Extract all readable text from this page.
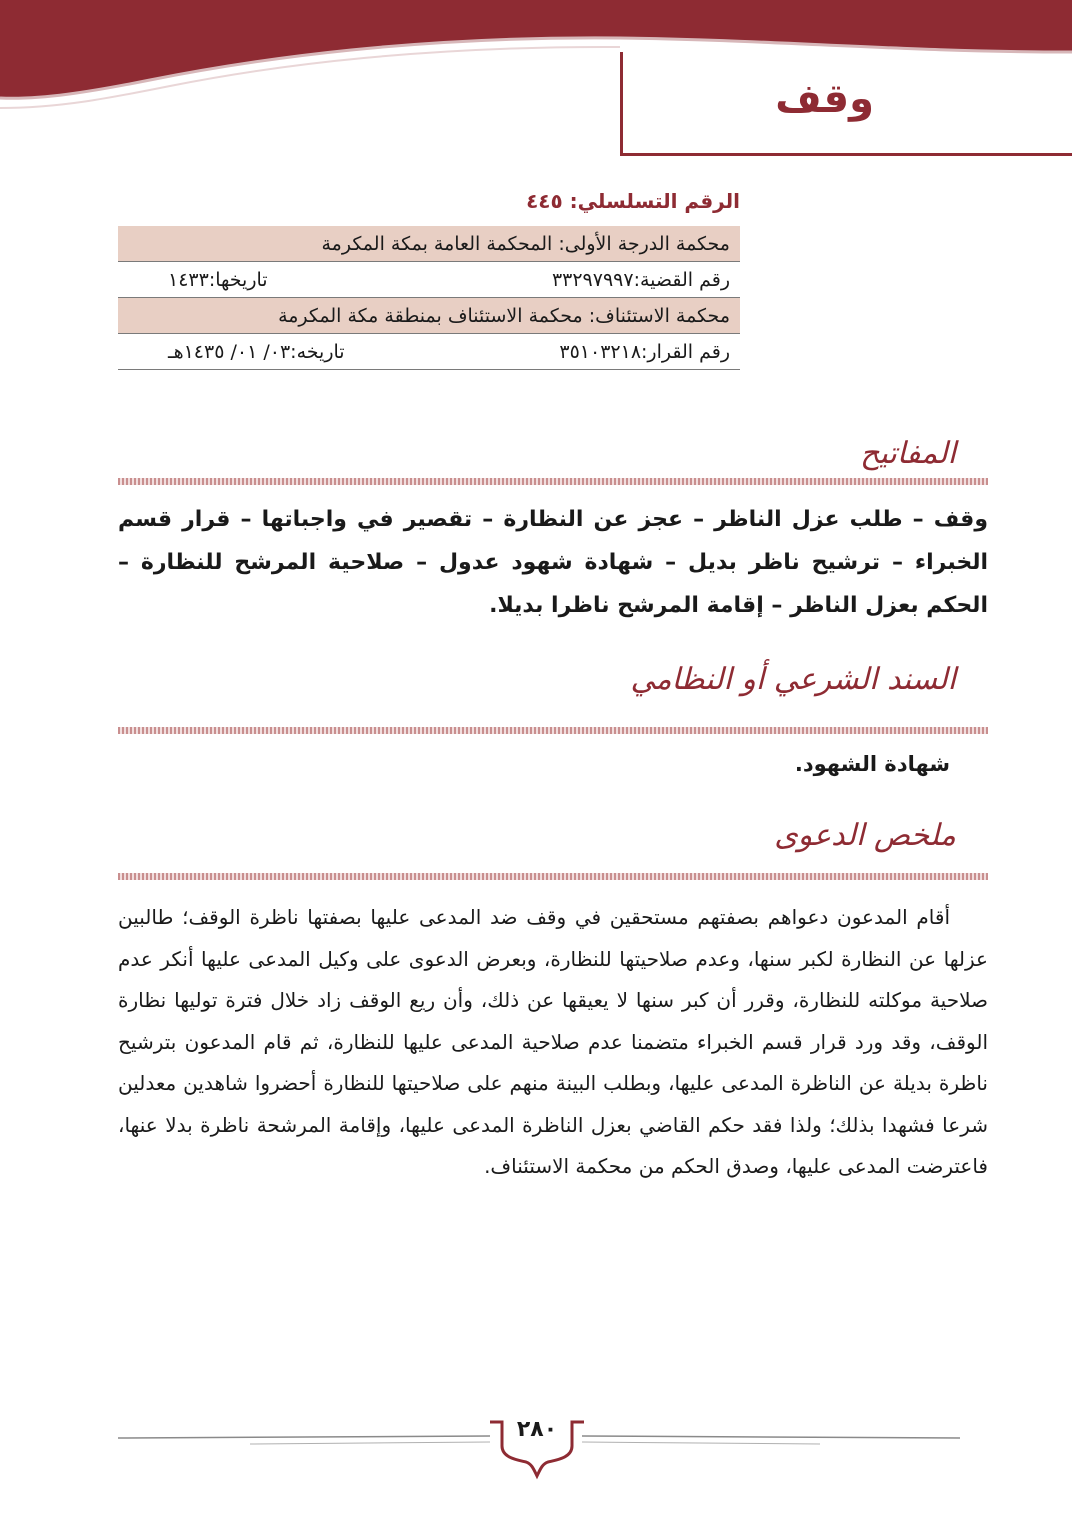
وقف
الرقم التسلسلي: ٤٤٥
محكمة الدرجة الأولى: المحكمة العامة بمكة المكرمة

رقم القضية:٣٣٢٩٧٩٩٧
تاريخها:١٤٣٣

محكمة الاستئناف: محكمة الاستئناف بمنطقة مكة المكرمة

رقم القرار:٣٥١٠٣٢١٨
تاريخه:٠٣/ ٠١/ ١٤٣٥هـ
المفاتيح

وقف – طلب عزل الناظر – عجز عن النظارة – تقصير في واجباتها – قرار قسم الخبراء – ترشيح ناظر بديل – شهادة شهود عدول – صلاحية المرشح للنظارة – الحكم بعزل الناظر – إقامة المرشح ناظرا بديلا.

السند الشرعي أو النظامي

شهادة الشهود.

ملخص الدعوى

أقام المدعون دعواهم بصفتهم مستحقين في وقف ضد المدعى عليها بصفتها ناظرة الوقف؛ طالبين عزلها عن النظارة لكبر سنها، وعدم صلاحيتها للنظارة، وبعرض الدعوى على وكيل المدعى عليها أنكر عدم صلاحية موكلته للنظارة، وقرر أن كبر سنها لا يعيقها عن ذلك، وأن ريع الوقف زاد خلال فترة توليها نظارة الوقف، وقد ورد قرار قسم الخبراء متضمنا عدم صلاحية المدعى عليها للنظارة، ثم قام المدعون بترشيح ناظرة بديلة عن الناظرة المدعى عليها، وبطلب البينة منهم على صلاحيتها للنظارة أحضروا شاهدين معدلين شرعا فشهدا بذلك؛ ولذا فقد حكم القاضي بعزل الناظرة المدعى عليها، وإقامة المرشحة ناظرة بدلا عنها، فاعترضت المدعى عليها، وصدق الحكم من محكمة الاستئناف.

٢٨٠
